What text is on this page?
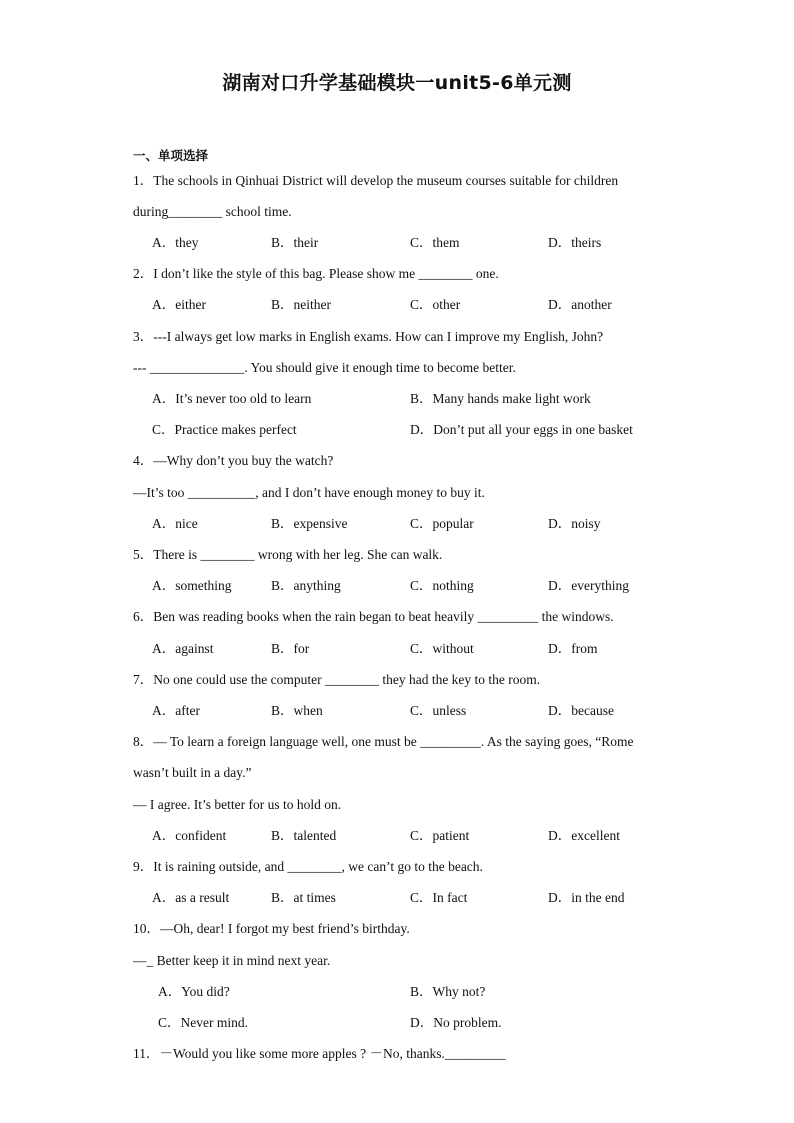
湖南对口升学基础模块一unit5-6单元测
一、单项选择
1．The schools in Qinhuai District will develop the museum courses suitable for children
during________ school time.
A．they	B．their	C．them	D．theirs
2．I don’t like the style of this bag. Please show me ________ one.
A．either	B．neither	C．other	D．another
3．---I always get low marks in English exams. How can I improve my English, John?
--- ______________. You should give it enough time to become better.
A．It’s never too old to learn	B．Many hands make light work
C．Practice makes perfect	D．Don’t put all your eggs in one basket
4．—Why don’t you buy the watch?
—It’s too __________, and I don’t have enough money to buy it.
A．nice	B．expensive	C．popular	D．noisy
5．There is ________ wrong with her leg. She can walk.
A．something	B．anything	C．nothing	D．everything
6．Ben was reading books when the rain began to beat heavily _________ the windows.
A．against	B．for	C．without	D．from
7．No one could use the computer ________ they had the key to the room.
A．after	B．when	C．unless	D．because
8．— To learn a foreign language well, one must be _________. As the saying goes, “Rome
wasn’t built in a day.”
— I agree. It’s better for us to hold on.
A．confident	B．talented	C．patient	D．excellent
9．It is raining outside, and ________, we can’t go to the beach.
A．as a result	B．at times	C．In fact	D．in the end
10．—Oh, dear! I forgot my best friend’s birthday.
—_ Better keep it in mind next year.
A．You did?	B．Why not?
C．Never mind.	D．No problem.
11．－Would you like some more apples ? －No, thanks._________
